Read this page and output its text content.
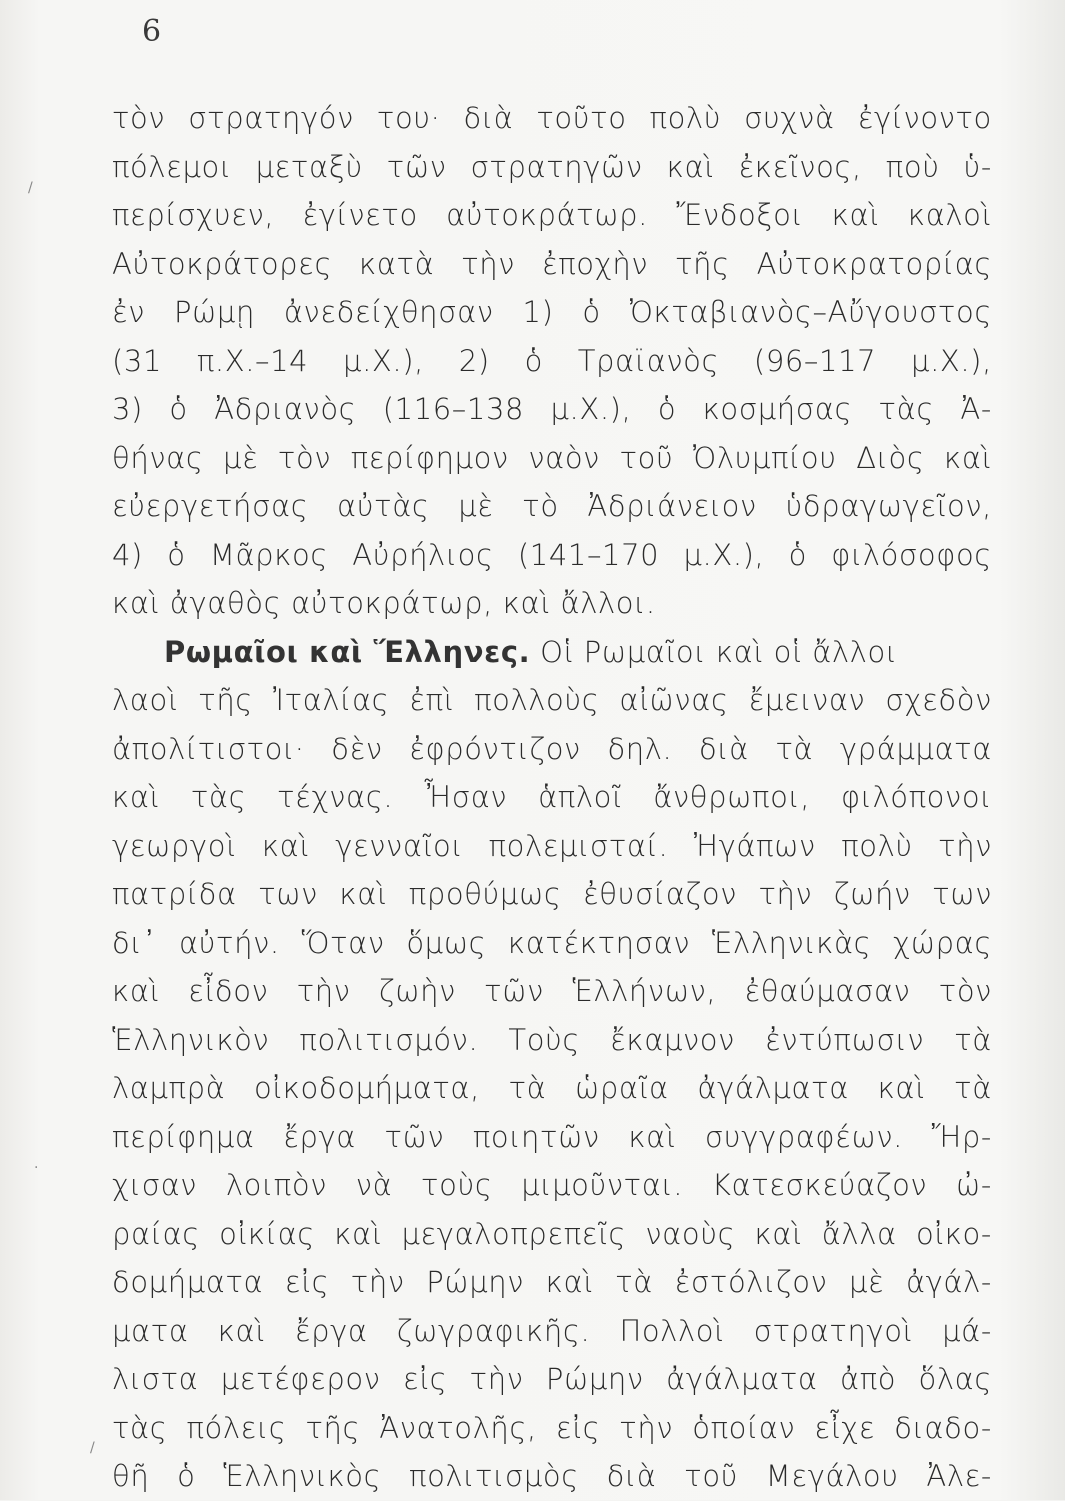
6
τὸν στρατηγόν του· διὰ τοῦτο πολὺ συχνὰ ἐγίνοντο
πόλεμοι μεταξὺ τῶν στρατηγῶν καὶ ἐκεῖνος, ποὺ ὑ-
περίσχυεν, ἐγίνετο αὐτοκράτωρ. Ἔνδοξοι καὶ καλοὶ
Αὐτοκράτορες κατὰ τὴν ἐποχὴν τῆς Αὐτοκρατορίας
ἐν Ρώμῃ ἀνεδείχθησαν 1) ὁ Ὀκταβιανὸς–Αὔγουστος
(31 π.Χ.–14 μ.Χ.), 2) ὁ Τραϊανὸς (96–117 μ.Χ.),
3) ὁ Ἀδριανὸς (116–138 μ.Χ.), ὁ κοσμήσας τὰς Ἀ-
θήνας μὲ τὸν περίφημον ναὸν τοῦ Ὀλυμπίου Διὸς καὶ
εὐεργετήσας αὐτὰς μὲ τὸ Ἀδριάνειον ὑδραγωγεῖον,
4) ὁ Μᾶρκος Αὐρήλιος (141–170 μ.Χ.), ὁ φιλόσοφος
καὶ ἀγαθὸς αὐτοκράτωρ, καὶ ἄλλοι.
Ρωμαῖοι καὶ Ἕλληνες. Οἱ Ρωμαῖοι καὶ οἱ ἄλλοι
λαοὶ τῆς Ἰταλίας ἐπὶ πολλοὺς αἰῶνας ἔμειναν σχεδὸν
ἀπολίτιστοι· δὲν ἐφρόντιζον δηλ. διὰ τὰ γράμματα
καὶ τὰς τέχνας. Ἦσαν ἁπλοῖ ἄνθρωποι, φιλόπονοι
γεωργοὶ καὶ γενναῖοι πολεμισταί. Ἠγάπων πολὺ τὴν
πατρίδα των καὶ προθύμως ἐθυσίαζον τὴν ζωήν των
δι᾽ αὐτήν. Ὅταν ὅμως κατέκτησαν Ἑλληνικὰς χώρας
καὶ εἶδον τὴν ζωὴν τῶν Ἑλλήνων, ἐθαύμασαν τὸν
Ἑλληνικὸν πολιτισμόν. Τοὺς ἔκαμνον ἐντύπωσιν τὰ
λαμπρὰ οἰκοδομήματα, τὰ ὡραῖα ἀγάλματα καὶ τὰ
περίφημα ἔργα τῶν ποιητῶν καὶ συγγραφέων. Ἤρ-
χισαν λοιπὸν νὰ τοὺς μιμοῦνται. Κατεσκεύαζον ὠ-
ραίας οἰκίας καὶ μεγαλοπρεπεῖς ναοὺς καὶ ἄλλα οἰκο-
δομήματα εἰς τὴν Ρώμην καὶ τὰ ἐστόλιζον μὲ ἀγάλ-
ματα καὶ ἔργα ζωγραφικῆς. Πολλοὶ στρατηγοὶ μά-
λιστα μετέφερον εἰς τὴν Ρώμην ἀγάλματα ἀπὸ ὅλας
τὰς πόλεις τῆς Ἀνατολῆς, εἰς τὴν ὁποίαν εἶχε διαδο-
θῆ ὁ Ἑλληνικὸς πολιτισμὸς διὰ τοῦ Μεγάλου Ἀλε-
/
·
/
